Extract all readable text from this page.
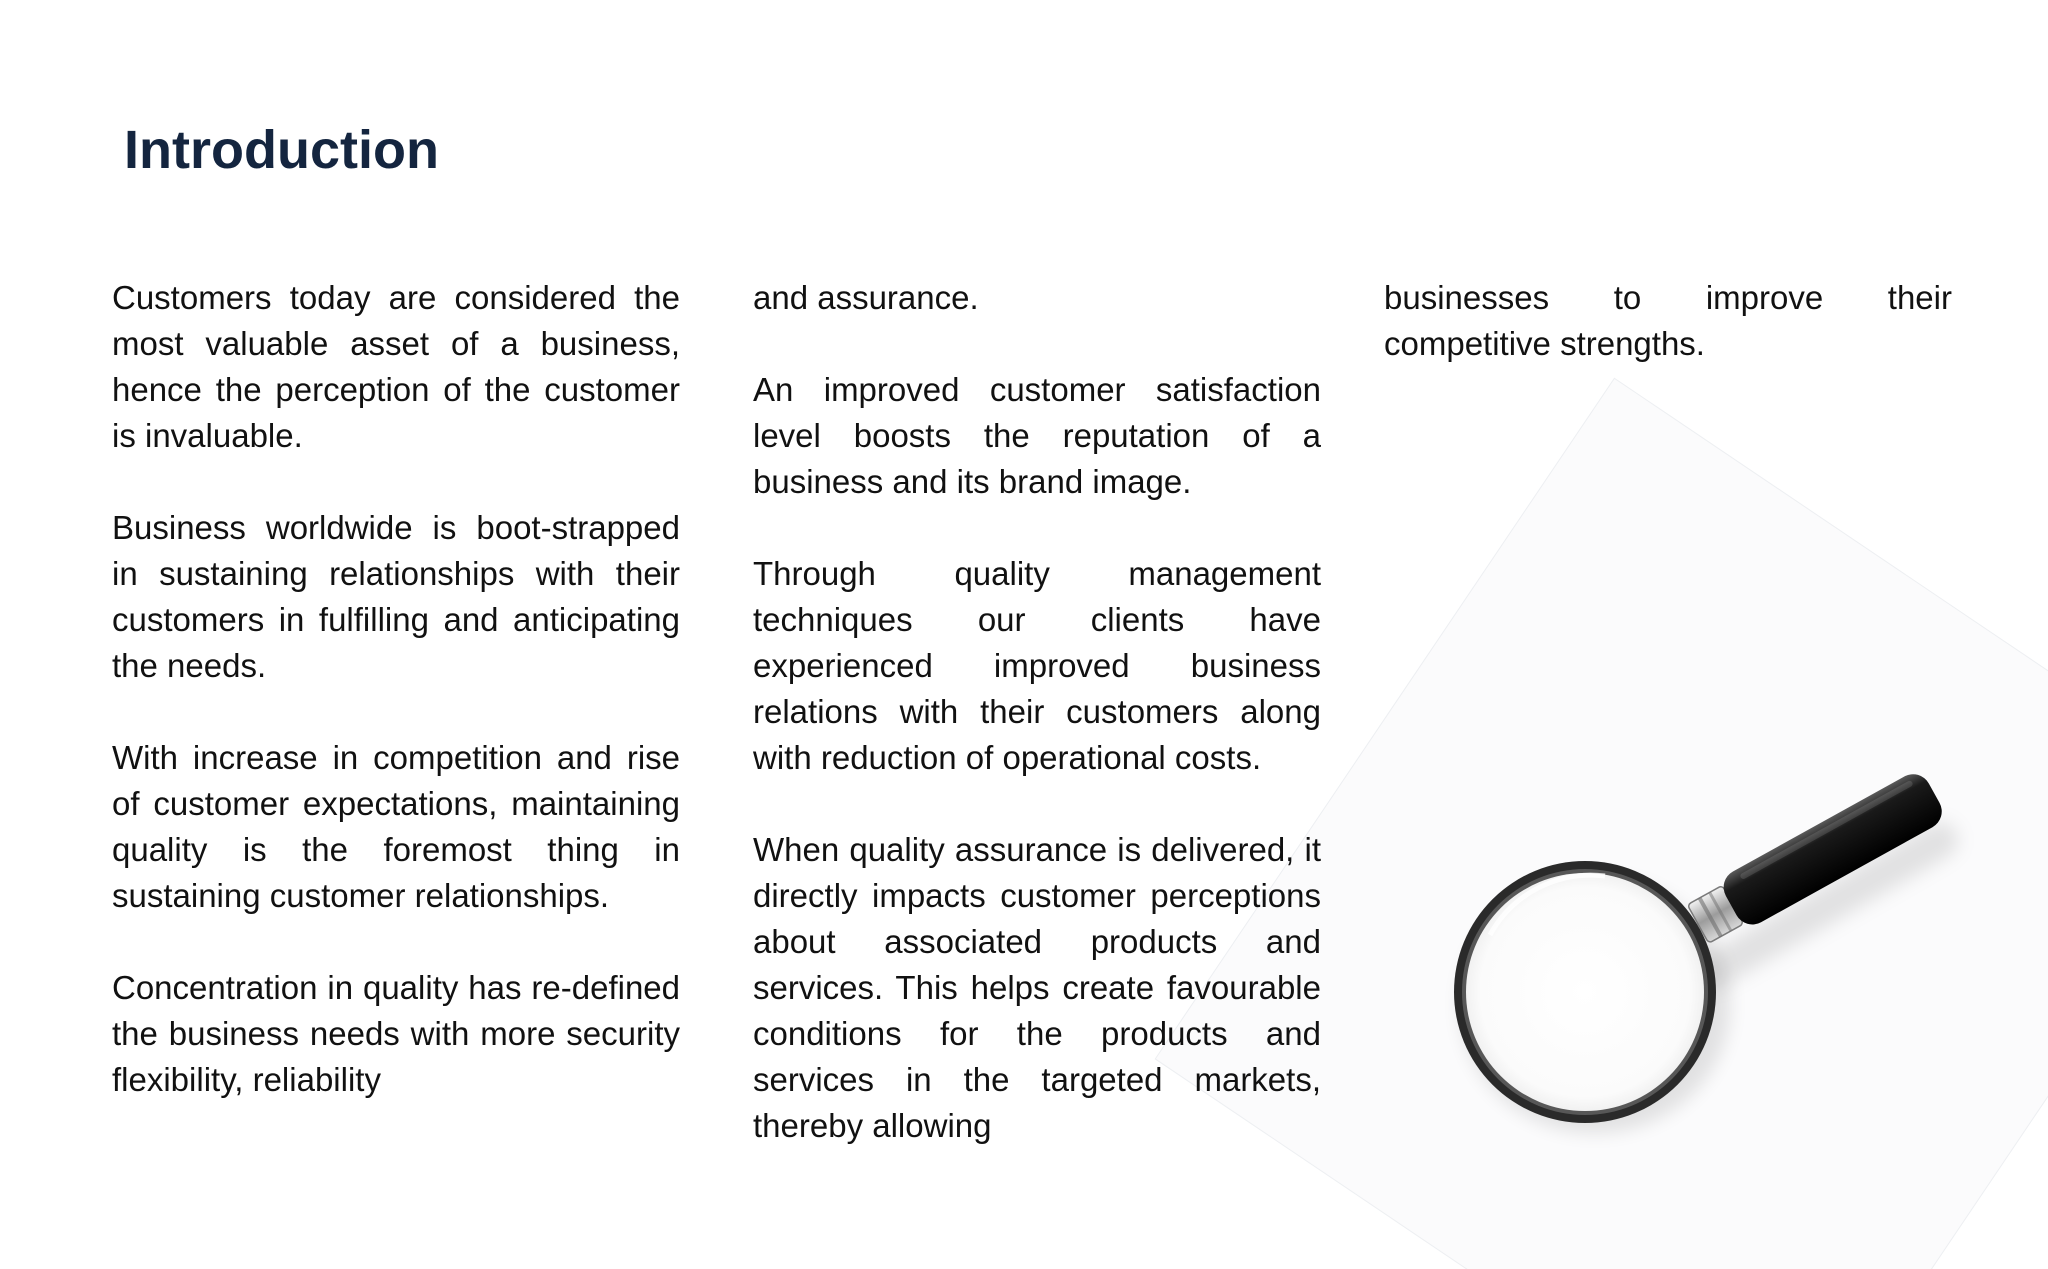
Introduction

Customers today are considered the most valuable asset of a business, hence the perception of the customer is invaluable.

Business worldwide is boot-strapped in sustaining relationships with their customers in fulfilling and anticipating the needs.

With increase in competition and rise of customer expectations, maintaining quality is the foremost thing in sustaining customer relationships.

Concentration in quality has re-defined the business needs with more security flexibility, reliability

and assurance.

An improved customer satisfaction level boosts the reputation of a business and its brand image.

Through quality management techniques our clients have experienced improved business relations with their customers along with reduction of operational costs.

When quality assurance is delivered, it directly impacts customer perceptions about associated products and services. This helps create favourable conditions for the products and services in the targeted markets, thereby allowing

businesses to improve their competitive strengths.
